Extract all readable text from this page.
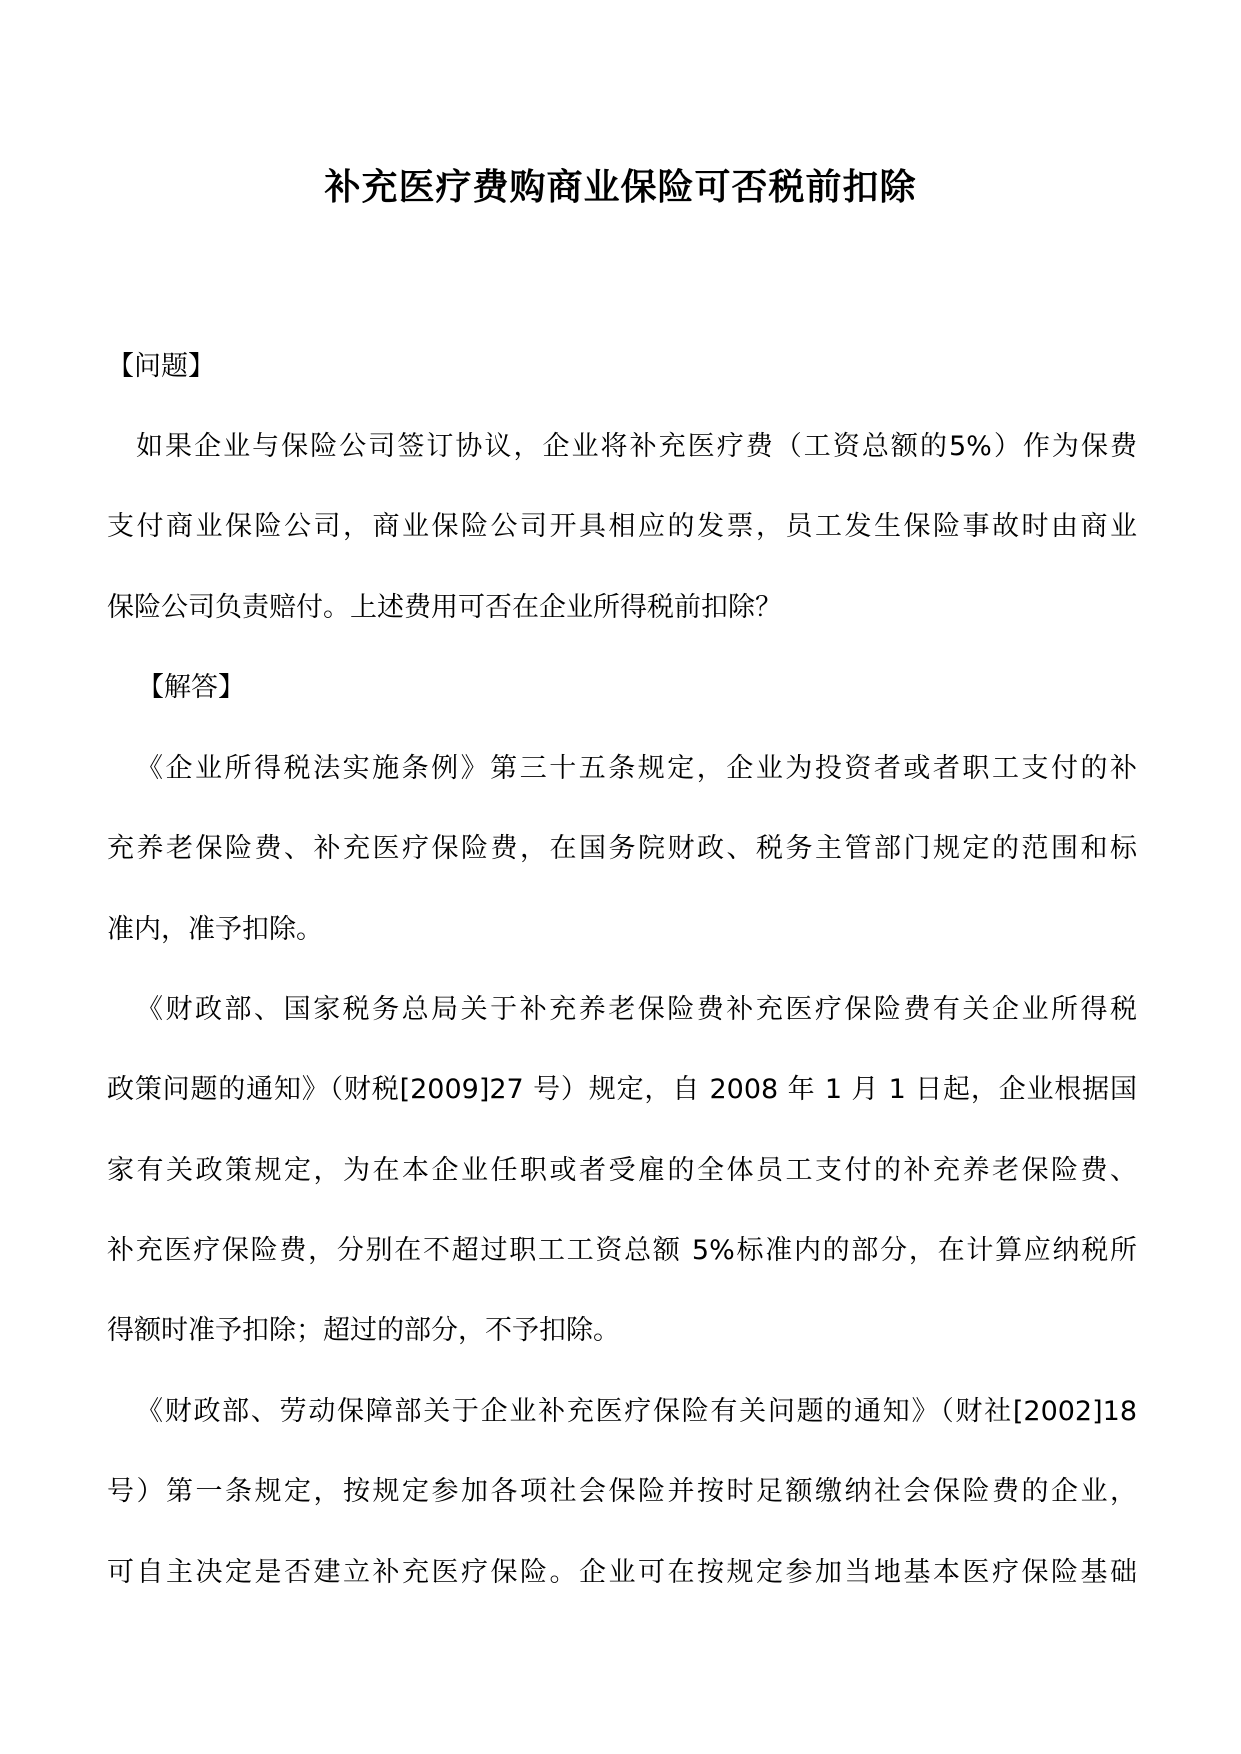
补充医疗费购商业保险可否税前扣除
【问题】
如果企业与保险公司签订协议，企业将补充医疗费（工资总额的5%）作为保费
支付商业保险公司，商业保险公司开具相应的发票，员工发生保险事故时由商业
保险公司负责赔付。上述费用可否在企业所得税前扣除？
【解答】
《企业所得税法实施条例》第三十五条规定，企业为投资者或者职工支付的补
充养老保险费、补充医疗保险费，在国务院财政、税务主管部门规定的范围和标
准内，准予扣除。
《财政部、国家税务总局关于补充养老保险费补充医疗保险费有关企业所得税
政策问题的通知》（财税[2009]27 号）规定，自 2008 年 1 月 1 日起，企业根据国
家有关政策规定，为在本企业任职或者受雇的全体员工支付的补充养老保险费、
补充医疗保险费，分别在不超过职工工资总额 5%标准内的部分，在计算应纳税所
得额时准予扣除；超过的部分，不予扣除。
《财政部、劳动保障部关于企业补充医疗保险有关问题的通知》（财社[2002]18
号）第一条规定，按规定参加各项社会保险并按时足额缴纳社会保险费的企业，
可自主决定是否建立补充医疗保险。企业可在按规定参加当地基本医疗保险基础
